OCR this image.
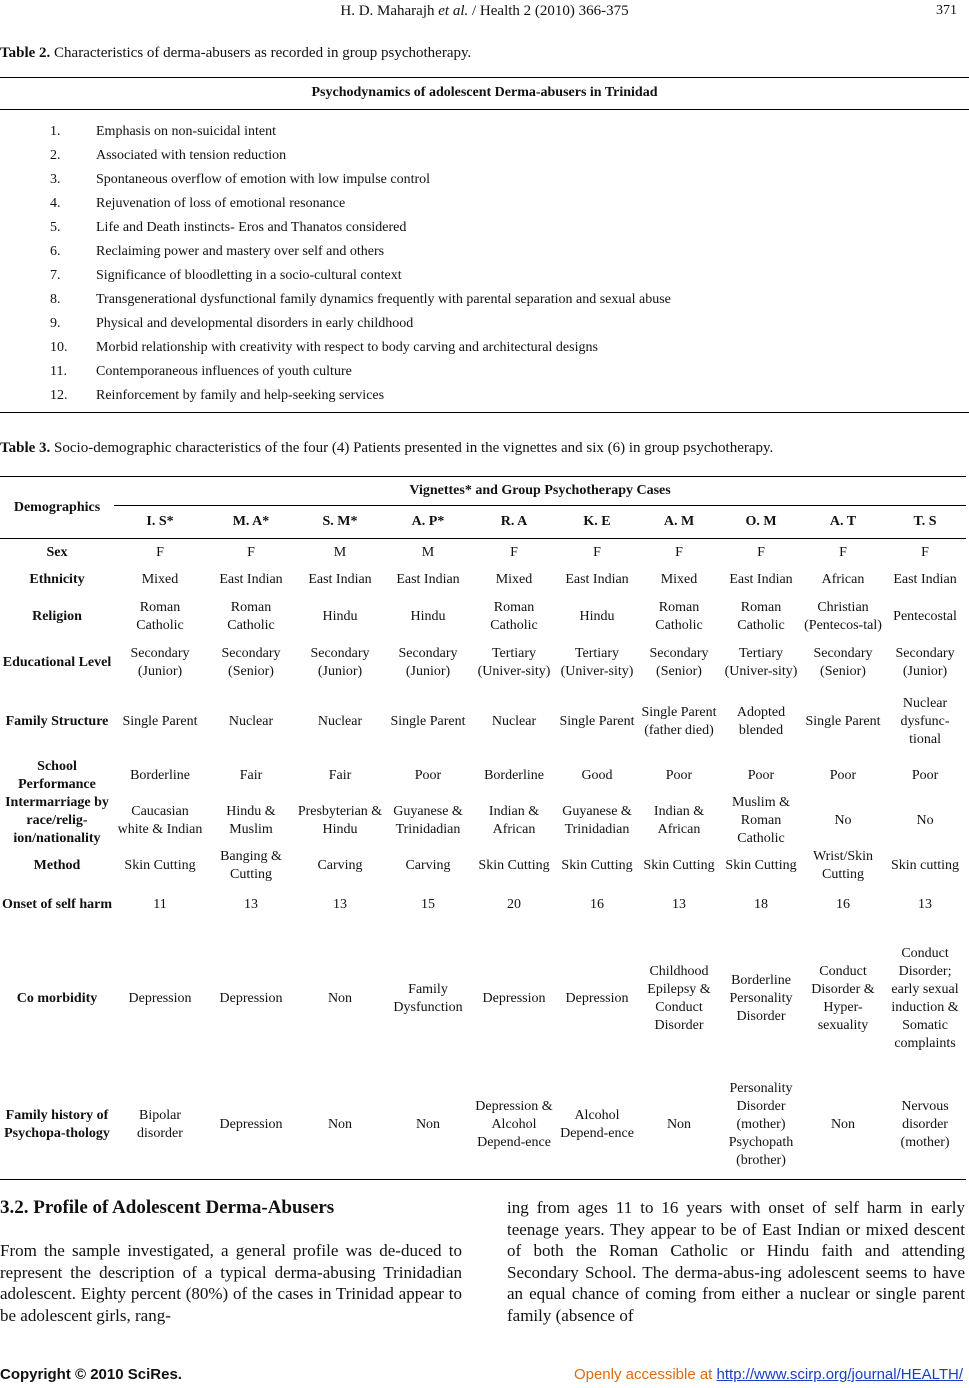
H. D. Maharajh et al. / Health 2 (2010) 366-375	371
Table 2. Characteristics of derma-abusers as recorded in group psychotherapy.
Psychodynamics of adolescent Derma-abusers in Trinidad
1.	Emphasis on non-suicidal intent
2.	Associated with tension reduction
3.	Spontaneous overflow of emotion with low impulse control
4.	Rejuvenation of loss of emotional resonance
5.	Life and Death instincts- Eros and Thanatos considered
6.	Reclaiming power and mastery over self and others
7.	Significance of bloodletting in a socio-cultural context
8.	Transgenerational dysfunctional family dynamics frequently with parental separation and sexual abuse
9.	Physical and developmental disorders in early childhood
10.	Morbid relationship with creativity with respect to body carving and architectural designs
11.	Contemporaneous influences of youth culture
12.	Reinforcement by family and help-seeking services
Table 3. Socio-demographic characteristics of the four (4) Patients presented in the vignettes and six (6) in group psychotherapy.
Demographics	Vignettes* and Group Psychotherapy Cases									
	I. S*	M. A*	S. M*	A. P*	R. A	K. E	A. M	O. M	A. T	T. S
Sex	F	F	M	M	F	F	F	F	F	F
Ethnicity	Mixed	East Indian	East Indian	East Indian	Mixed	East Indian	Mixed	East Indian	African	East Indian
Religion	Roman Catholic	Roman Catholic	Hindu	Hindu	Roman Catholic	Hindu	Roman Catholic	Roman Catholic	Christian (Pentecos-tal)	Pentecostal
Educational Level	Secondary (Junior)	Secondary (Senior)	Secondary (Junior)	Secondary (Junior)	Tertiary (Univer-sity)	Tertiary (Univer-sity)	Secondary (Senior)	Tertiary (Univer-sity)	Secondary (Senior)	Secondary (Junior)
Family Structure	Single Parent	Nuclear	Nuclear	Single Parent	Nuclear	Single Parent	Single Parent (father died)	Adopted blended	Single Parent	Nuclear dysfunc-tional
School Performance	Borderline	Fair	Fair	Poor	Borderline	Good	Poor	Poor	Poor	Poor
Intermarriage by race/relig-ion/nationality	Caucasian white & Indian	Hindu & Muslim	Presbyterian & Hindu	Guyanese & Trinidadian	Indian & African	Guyanese & Trinidadian	Indian & African	Muslim & Roman Catholic	No	No
Method	Skin Cutting	Banging & Cutting	Carving	Carving	Skin Cutting	Skin Cutting	Skin Cutting	Skin Cutting	Wrist/Skin Cutting	Skin cutting
Onset of self harm	11	13	13	15	20	16	13	18	16	13
Co morbidity	Depression	Depression	Non	Family Dysfunction	Depression	Depression	Childhood Epilepsy & Conduct Disorder	Borderline Personality Disorder	Conduct Disorder & Hyper-sexuality	Conduct Disorder; early sexual induction & Somatic complaints
Family history of Psychopa-thology	Bipolar disorder	Depression	Non	Non	Depression & Alcohol Depend-ence	Alcohol Depend-ence	Non	Personality Disorder (mother) Psychopath (brother)	Non	Nervous disorder (mother)
3.2. Profile of Adolescent Derma-Abusers
From the sample investigated, a general profile was de-duced to represent the description of a typical derma-abusing Trinidadian adolescent. Eighty percent (80%) of the cases in Trinidad appear to be adolescent girls, rang-
ing from ages 11 to 16 years with onset of self harm in early teenage years. They appear to be of East Indian or mixed descent of both the Roman Catholic or Hindu faith and attending Secondary School. The derma-abus-ing adolescent seems to have an equal chance of coming from either a nuclear or single parent family (absence of
Copyright © 2010 SciRes.	Openly accessible at http://www.scirp.org/journal/HEALTH/
